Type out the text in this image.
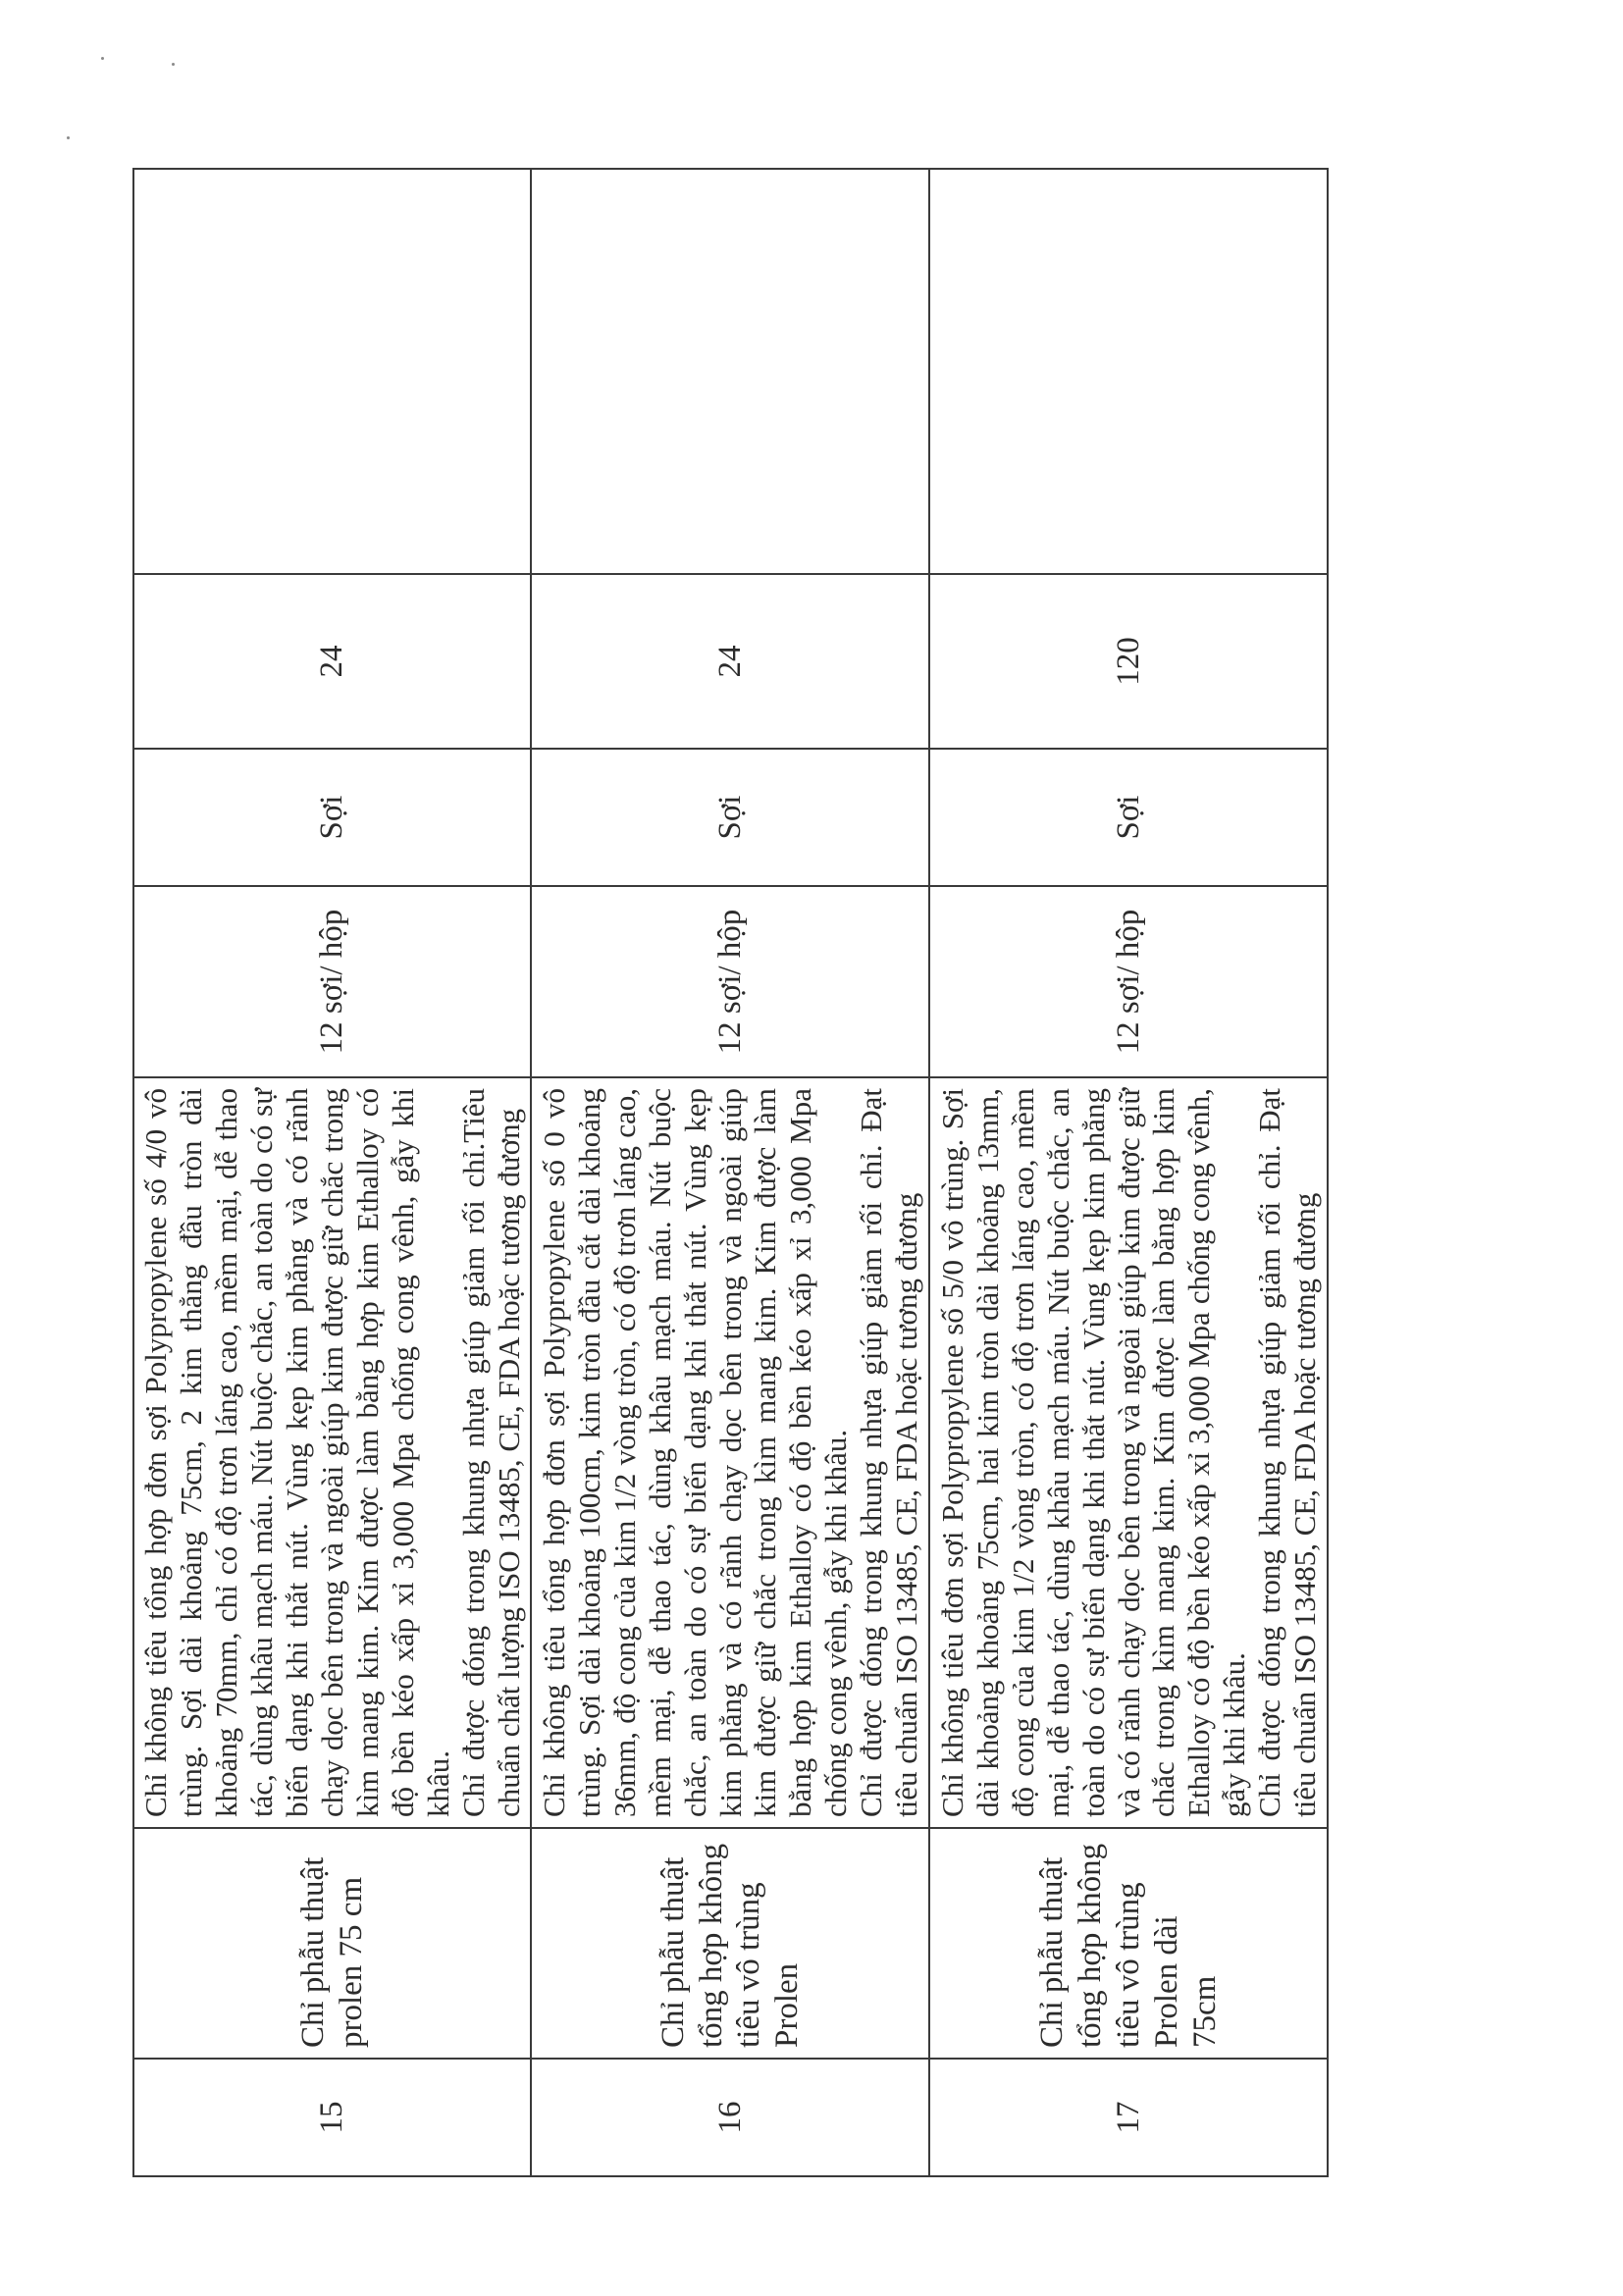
15	Chỉ phẫu thuật prolen 75 cm	Chỉ không tiêu tổng hợp đơn sợi Polypropylene số 4/0 vô trùng. Sợi dài khoảng 75cm, 2 kim thẳng đầu tròn dài khoảng 70mm, chỉ có độ trơn láng cao, mềm mại, dễ thao tác, dùng khâu mạch máu. Nút buộc chắc, an toàn do có sự biến dạng khi thắt nút. Vùng kẹp kim phẳng và có rãnh chạy dọc bên trong và ngoài giúp kim được giữ chắc trong kìm mang kim. Kim được làm bằng hợp kim Ethalloy có độ bền kéo xấp xỉ 3,000 Mpa chống cong vênh, gẫy khi khâu. Chỉ được đóng trong khung nhựa giúp giảm rối chỉ.Tiêu chuẩn chất lượng ISO 13485, CE, FDA hoặc tương đương	12 sợi/ hộp	Sợi	24	
16	Chỉ phẫu thuật tổng hợp không tiêu vô trùng Prolen	Chỉ không tiêu tổng hợp đơn sợi Polypropylene số 0 vô trùng. Sợi dài khoảng 100cm, kim tròn đầu cắt dài khoảng 36mm, độ cong của kim 1/2 vòng tròn, có độ trơn láng cao, mềm mại, dễ thao tác, dùng khâu mạch máu. Nút buộc chắc, an toàn do có sự biến dạng khi thắt nút. Vùng kẹp kim phẳng và có rãnh chạy dọc bên trong và ngoài giúp kim được giữ chắc trong kìm mang kim. Kim được làm bằng hợp kim Ethalloy có độ bền kéo xấp xỉ 3,000 Mpa chống cong vênh, gẫy khi khâu. Chỉ được đóng trong khung nhựa giúp giảm rối chỉ. Đạt tiêu chuẩn ISO 13485, CE, FDA hoặc tương đương	12 sợi/ hộp	Sợi	24	
17	Chỉ phẫu thuật tổng hợp không tiêu vô trùng Prolen dài 75cm	Chỉ không tiêu đơn sợi Polypropylene số 5/0 vô trùng. Sợi dài khoảng khoảng 75cm, hai kim tròn dài khoảng 13mm, độ cong của kim 1/2 vòng tròn, có độ trơn láng cao, mềm mại, dễ thao tác, dùng khâu mạch máu. Nút buộc chắc, an toàn do có sự biến dạng khi thắt nút. Vùng kẹp kim phẳng và có rãnh chạy dọc bên trong và ngoài giúp kim được giữ chắc trong kìm mang kim. Kim được làm bằng hợp kim Ethalloy có độ bền kéo xấp xỉ 3,000 Mpa chống cong vênh, gẫy khi khâu. Chỉ được đóng trong khung nhựa giúp giảm rối chỉ. Đạt tiêu chuẩn ISO 13485, CE, FDA hoặc tương đương	12 sợi/ hộp	Sợi	120	
